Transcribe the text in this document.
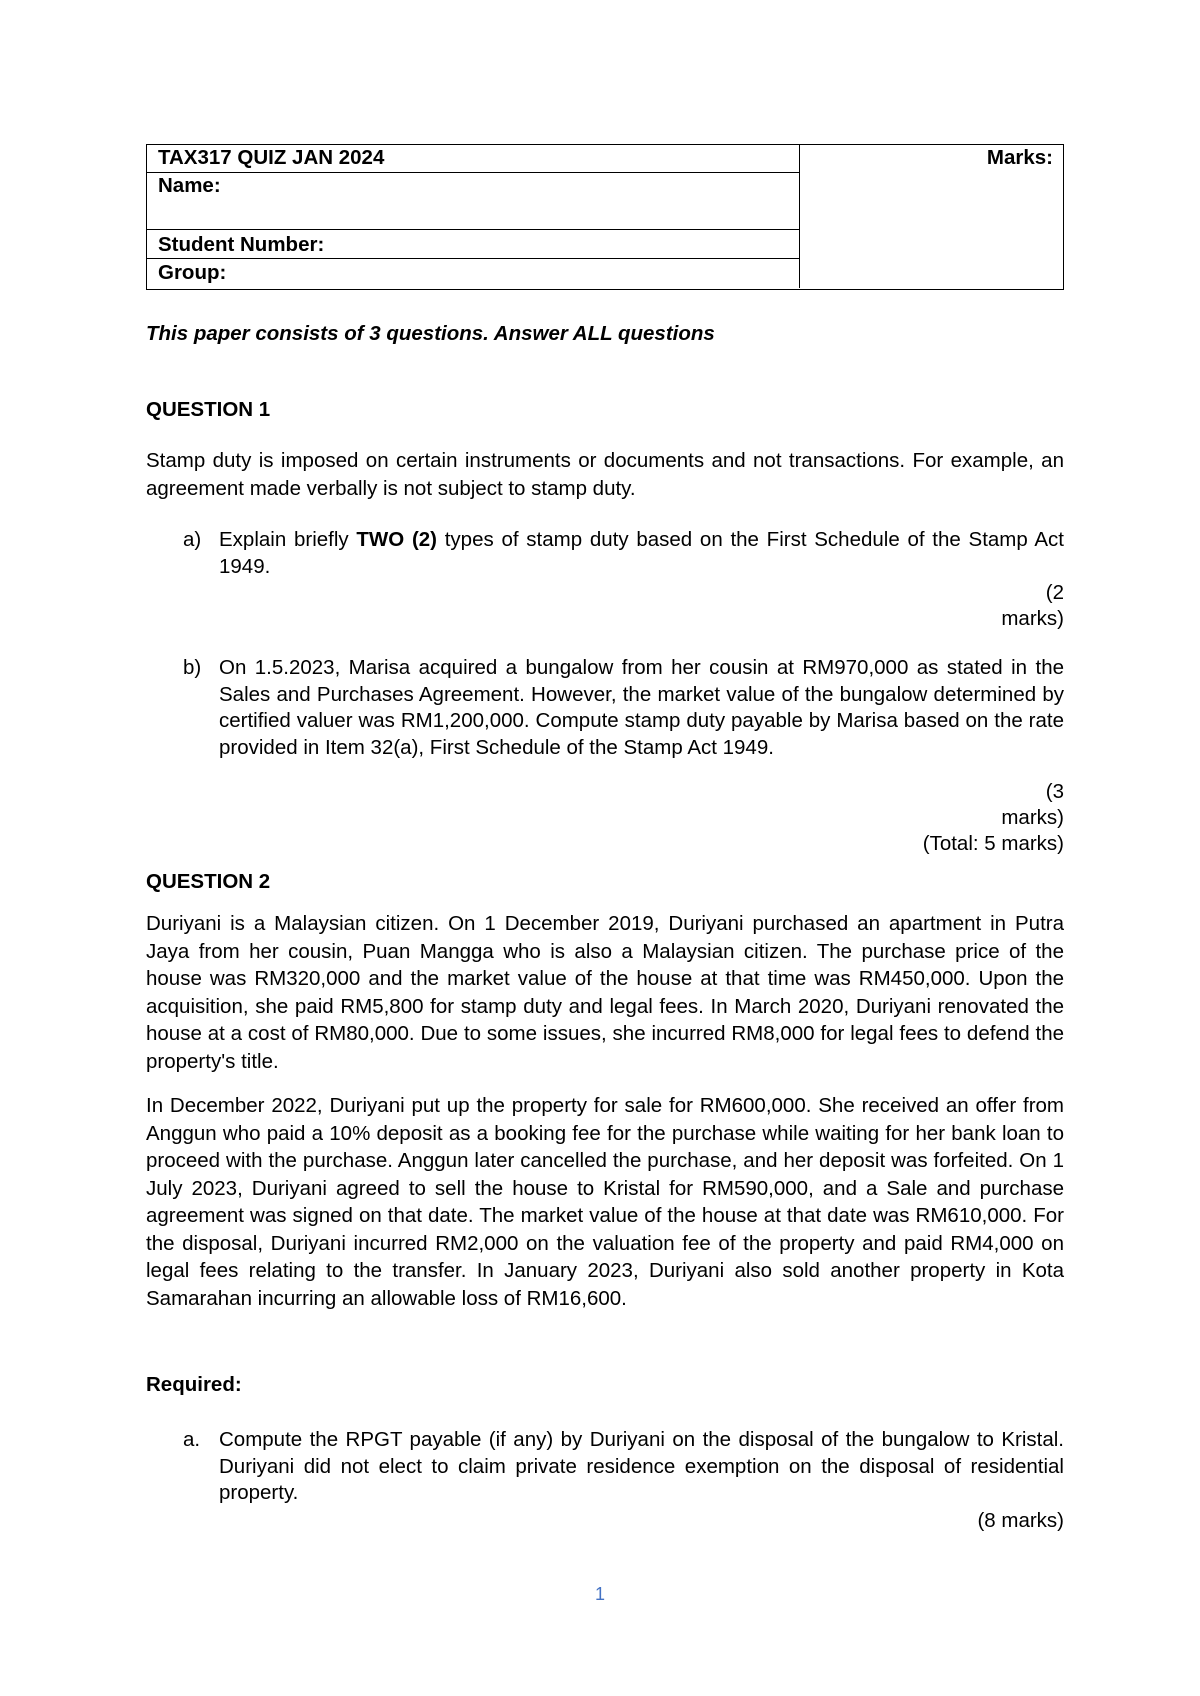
TAX317 QUIZ JAN 2024
Name:
Student Number:
Group:
Marks:
This paper consists of 3 questions. Answer ALL questions
QUESTION 1
Stamp duty is imposed on certain instruments or documents and not transactions. For example, an agreement made verbally is not subject to stamp duty.
a) Explain briefly TWO (2) types of stamp duty based on the First Schedule of the Stamp Act 1949.
(2
marks)
b) On 1.5.2023, Marisa acquired a bungalow from her cousin at RM970,000 as stated in the Sales and Purchases Agreement. However, the market value of the bungalow determined by certified valuer was RM1,200,000. Compute stamp duty payable by Marisa based on the rate provided in Item 32(a), First Schedule of the Stamp Act 1949.
(3
marks)
(Total: 5 marks)
QUESTION 2
Duriyani is a Malaysian citizen. On 1 December 2019, Duriyani purchased an apartment in Putra Jaya from her cousin, Puan Mangga who is also a Malaysian citizen. The purchase price of the house was RM320,000 and the market value of the house at that time was RM450,000. Upon the acquisition, she paid RM5,800 for stamp duty and legal fees. In March 2020, Duriyani renovated the house at a cost of RM80,000. Due to some issues, she incurred RM8,000 for legal fees to defend the property's title.
In December 2022, Duriyani put up the property for sale for RM600,000. She received an offer from Anggun who paid a 10% deposit as a booking fee for the purchase while waiting for her bank loan to proceed with the purchase. Anggun later cancelled the purchase, and her deposit was forfeited. On 1 July 2023, Duriyani agreed to sell the house to Kristal for RM590,000, and a Sale and purchase agreement was signed on that date. The market value of the house at that date was RM610,000. For the disposal, Duriyani incurred RM2,000 on the valuation fee of the property and paid RM4,000 on legal fees relating to the transfer. In January 2023, Duriyani also sold another property in Kota Samarahan incurring an allowable loss of RM16,600.
Required:
a. Compute the RPGT payable (if any) by Duriyani on the disposal of the bungalow to Kristal. Duriyani did not elect to claim private residence exemption on the disposal of residential property.
(8 marks)
1
